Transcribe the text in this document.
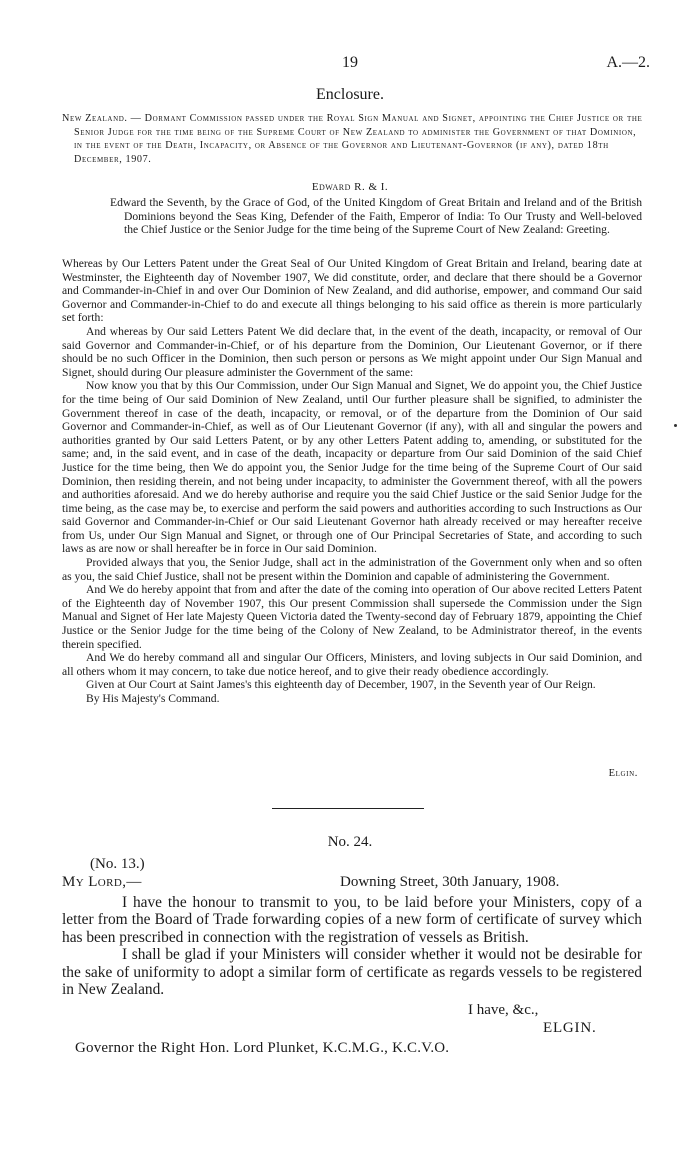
19	A.—2.
Enclosure.

New Zealand. — Dormant Commission passed under the Royal Sign Manual and Signet, appointing the Chief Justice or the Senior Judge for the time being of the Supreme Court of New Zealand to administer the Government of that Dominion, in the event of the Death, Incapacity, or Absence of the Governor and Lieutenant-Governor (if any), dated 18th December, 1907.

Edward R. & I.

Edward the Seventh, by the Grace of God, of the United Kingdom of Great Britain and Ireland and of the British Dominions beyond the Seas King, Defender of the Faith, Emperor of India: To Our Trusty and Well-beloved the Chief Justice or the Senior Judge for the time being of the Supreme Court of New Zealand: Greeting.

Whereas by Our Letters Patent under the Great Seal of Our United Kingdom of Great Britain and Ireland, bearing date at Westminster, the Eighteenth day of November 1907, We did constitute, order, and declare that there should be a Governor and Commander-in-Chief in and over Our Dominion of New Zealand, and did authorise, empower, and command Our said Governor and Commander-in-Chief to do and execute all things belonging to his said office as therein is more particularly set forth:

And whereas by Our said Letters Patent We did declare that, in the event of the death, incapacity, or removal of Our said Governor and Commander-in-Chief, or of his departure from the Dominion, Our Lieutenant Governor, or if there should be no such Officer in the Dominion, then such person or persons as We might appoint under Our Sign Manual and Signet, should during Our pleasure administer the Government of the same:

Now know you that by this Our Commission, under Our Sign Manual and Signet, We do appoint you, the Chief Justice for the time being of Our said Dominion of New Zealand, until Our further pleasure shall be signified, to administer the Government thereof in case of the death, incapacity, or removal, or of the departure from the Dominion of Our said Governor and Commander-in-Chief, as well as of Our Lieutenant Governor (if any), with all and singular the powers and authorities granted by Our said Letters Patent, or by any other Letters Patent adding to, amending, or substituted for the same; and, in the said event, and in case of the death, incapacity or departure from Our said Dominion of the said Chief Justice for the time being, then We do appoint you, the Senior Judge for the time being of the Supreme Court of Our said Dominion, then residing therein, and not being under incapacity, to administer the Government thereof, with all the powers and authorities aforesaid. And we do hereby authorise and require you the said Chief Justice or the said Senior Judge for the time being, as the case may be, to exercise and perform the said powers and authorities according to such Instructions as Our said Governor and Commander-in-Chief or Our said Lieutenant Governor hath already received or may hereafter receive from Us, under Our Sign Manual and Signet, or through one of Our Principal Secretaries of State, and according to such laws as are now or shall hereafter be in force in Our said Dominion.

Provided always that you, the Senior Judge, shall act in the administration of the Government only when and so often as you, the said Chief Justice, shall not be present within the Dominion and capable of administering the Government.

And We do hereby appoint that from and after the date of the coming into operation of Our above recited Letters Patent of the Eighteenth day of November 1907, this Our present Commission shall supersede the Commission under the Sign Manual and Signet of Her late Majesty Queen Victoria dated the Twenty-second day of February 1879, appointing the Chief Justice or the Senior Judge for the time being of the Colony of New Zealand, to be Administrator thereof, in the events therein specified.

And We do hereby command all and singular Our Officers, Ministers, and loving subjects in Our said Dominion, and all others whom it may concern, to take due notice hereof, and to give their ready obedience accordingly.

Given at Our Court at Saint James's this eighteenth day of December, 1907, in the Seventh year of Our Reign.

By His Majesty's Command.

Elgin.
No. 24.
(No. 13.)
My Lord,—	Downing Street, 30th January, 1908.

I have the honour to transmit to you, to be laid before your Ministers, copy of a letter from the Board of Trade forwarding copies of a new form of certificate of survey which has been prescribed in connection with the registration of vessels as British.

I shall be glad if your Ministers will consider whether it would not be desirable for the sake of uniformity to adopt a similar form of certificate as regards vessels to be registered in New Zealand.

I have, &c.,
ELGIN.
Governor the Right Hon. Lord Plunket, K.C.M.G., K.C.V.O.
